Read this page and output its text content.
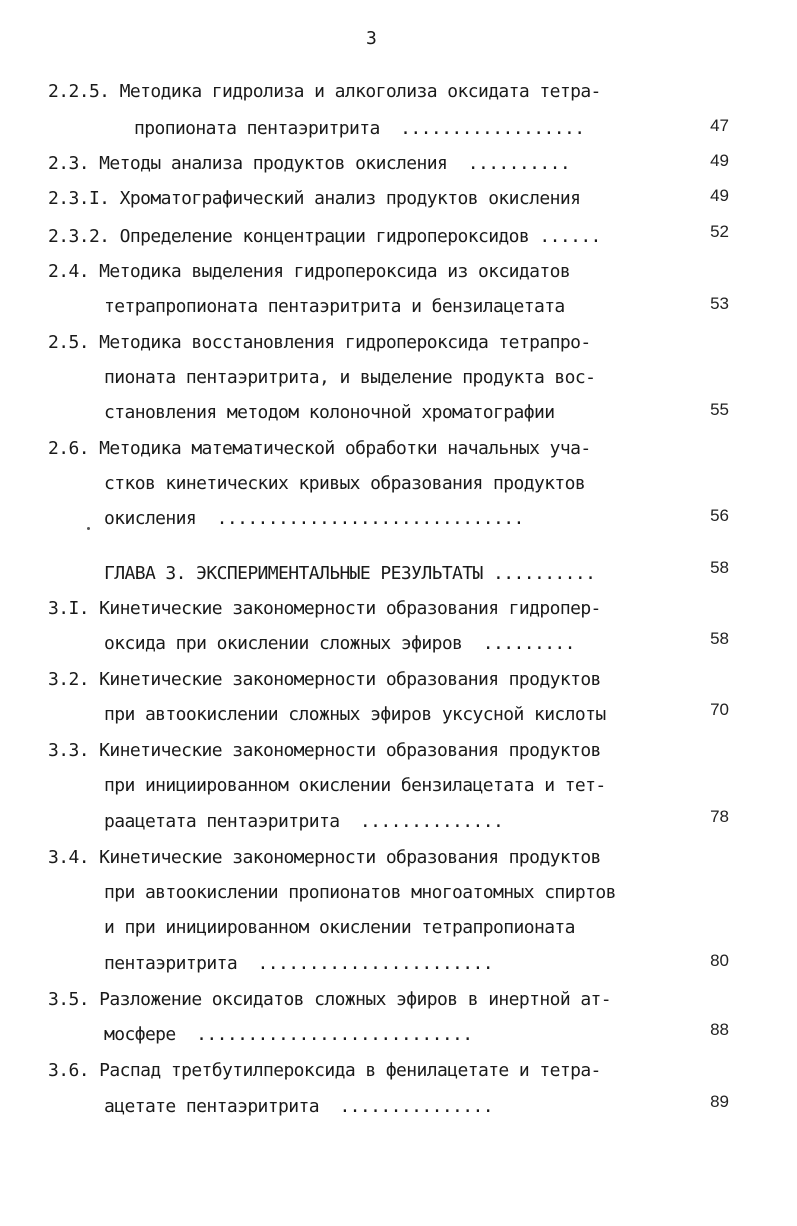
3
2.2.5. Методика гидролиза и алкоголиза оксидата тетра-
пропионата пентаэритрита  ..................	47
2.3. Методы анализа продуктов окисления  ..........	49
2.3.I. Хроматографический анализ продуктов окисления	49
2.3.2. Определение концентрации гидропероксидов ......	52
2.4. Методика выделения гидропероксида из оксидатов
тетрапропионата пентаэритрита и бензилацетата	53
2.5. Методика восстановления гидропероксида тетрапро-
пионата пентаэритрита, и выделение продукта вос-
становления методом колоночной хроматографии	55
2.6. Методика математической обработки начальных уча-
стков кинетических кривых образования продуктов
окисления  ..............................	56
ГЛАВА 3. ЭКСПЕРИМЕНТАЛЬНЫЕ РЕЗУЛЬТАТЫ ..........	58
3.I. Кинетические закономерности образования гидропер-
оксида при окислении сложных эфиров  .........	58
3.2. Кинетические закономерности образования продуктов
при автоокислении сложных эфиров уксусной кислоты	70
3.3. Кинетические закономерности образования продуктов
при инициированном окислении бензилацетата и тет-
раацетата пентаэритрита  ..............	78
3.4. Кинетические закономерности образования продуктов
при автоокислении пропионатов многоатомных спиртов
и при инициированном окислении тетрапропионата
пентаэритрита  .......................	80
3.5. Разложение оксидатов сложных эфиров в инертной ат-
мосфере  ...........................	88
3.6. Распад третбутилпероксида в фенилацетате и тетра-
ацетате пентаэритрита  ...............	89
